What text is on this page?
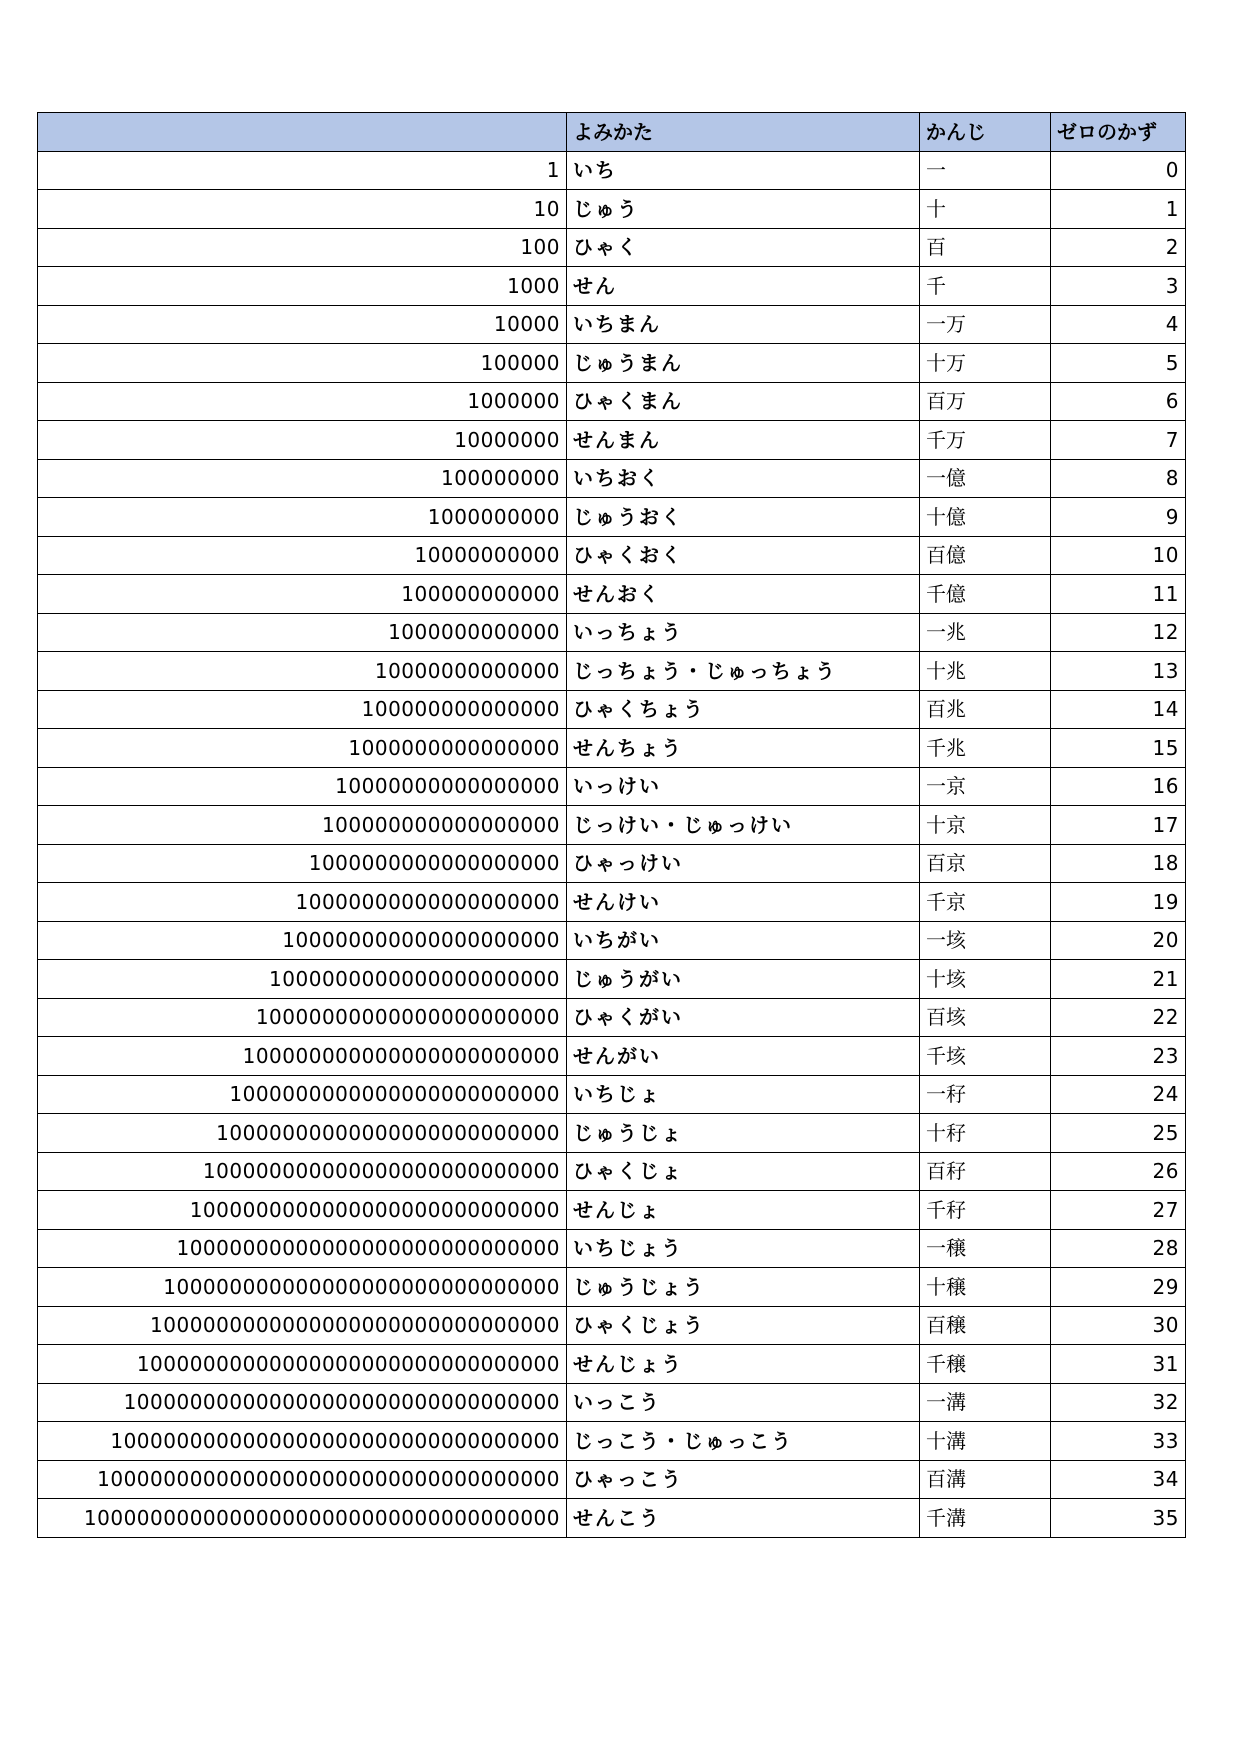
	よみかた	かんじ	ゼロのかず
1	いち	一	0
10	じゅう	十	1
100	ひゃく	百	2
1000	せん	千	3
10000	いちまん	一万	4
100000	じゅうまん	十万	5
1000000	ひゃくまん	百万	6
10000000	せんまん	千万	7
100000000	いちおく	一億	8
1000000000	じゅうおく	十億	9
10000000000	ひゃくおく	百億	10
100000000000	せんおく	千億	11
1000000000000	いっちょう	一兆	12
10000000000000	じっちょう・じゅっちょう	十兆	13
100000000000000	ひゃくちょう	百兆	14
1000000000000000	せんちょう	千兆	15
10000000000000000	いっけい	一京	16
100000000000000000	じっけい・じゅっけい	十京	17
1000000000000000000	ひゃっけい	百京	18
10000000000000000000	せんけい	千京	19
100000000000000000000	いちがい	一垓	20
1000000000000000000000	じゅうがい	十垓	21
10000000000000000000000	ひゃくがい	百垓	22
100000000000000000000000	せんがい	千垓	23
1000000000000000000000000	いちじょ	一秄	24
10000000000000000000000000	じゅうじょ	十秄	25
100000000000000000000000000	ひゃくじょ	百秄	26
1000000000000000000000000000	せんじょ	千秄	27
10000000000000000000000000000	いちじょう	一穣	28
100000000000000000000000000000	じゅうじょう	十穣	29
1000000000000000000000000000000	ひゃくじょう	百穣	30
10000000000000000000000000000000	せんじょう	千穣	31
100000000000000000000000000000000	いっこう	一溝	32
1000000000000000000000000000000000	じっこう・じゅっこう	十溝	33
10000000000000000000000000000000000	ひゃっこう	百溝	34
100000000000000000000000000000000000	せんこう	千溝	35
